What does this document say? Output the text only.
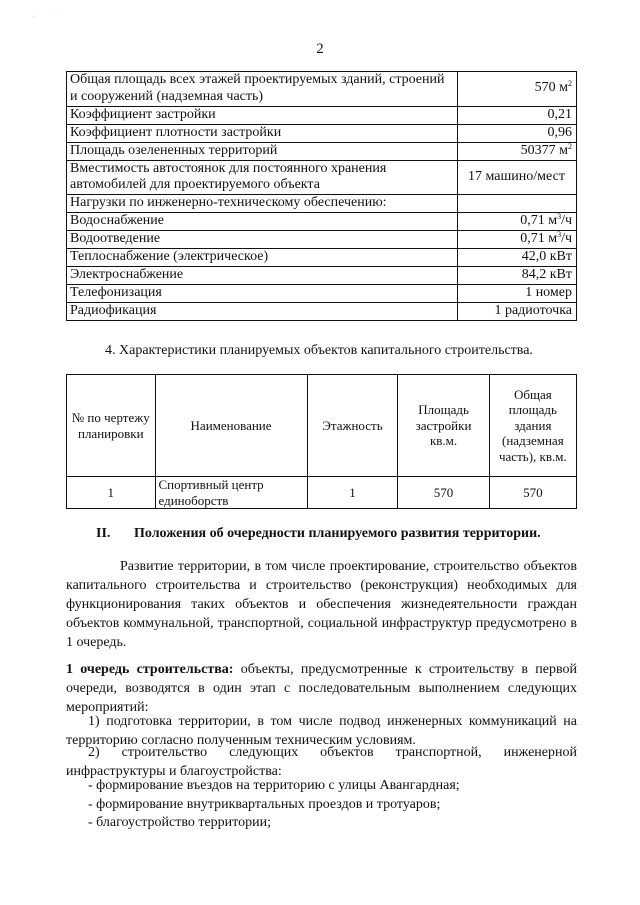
·	·
2
Общая площадь всех этажей проектируемых зданий, строений и сооружений (надземная часть)	570 $м^2$
Коэффициент застройки	0,21
Коэффициент плотности застройки	0,96
Площадь озелененных территорий	50377 $м^2$
Вместимость автостоянок для постоянного хранения автомобилей для проектируемого объекта	17 машино/мест
Нагрузки по инженерно-техническому обеспечению:	
Водоснабжение	0,71 $м^3/ч$
Водоотведение	0,71 $м^3/ч$
Теплоснабжение (электрическое)	42,0 кВт
Электроснабжение	84,2 кВт
Телефонизация	1 номер
Радиофикация	1 радиоточка
4. Характеристики планируемых объектов капитального строительства.
№ по чертежу планировки	Наименование	Этажность	Площадь застройки кв.м.	Общая площадь здания (надземная часть), кв.м.
1	Спортивный центр единоборств	1	570	570
II. Положения об очередности планируемого развития территории.
Развитие территории, в том числе проектирование, строительство объектов капитального строительства и строительство (реконструкция) необходимых для функционирования таких объектов и обеспечения жизнедеятельности граждан объектов коммунальной, транспортной, социальной инфраструктур предусмотрено в 1 очередь.
1 очередь строительства: объекты, предусмотренные к строительству в первой очереди, возводятся в один этап с последовательным выполнением следующих мероприятий:
1) подготовка территории, в том числе подвод инженерных коммуникаций на территорию согласно полученным техническим условиям.
2) строительство следующих объектов транспортной, инженерной инфраструктуры и благоустройства:
- формирование въездов на территорию с улицы Авангардная;
- формирование внутриквартальных проездов и тротуаров;
- благоустройство территории;
